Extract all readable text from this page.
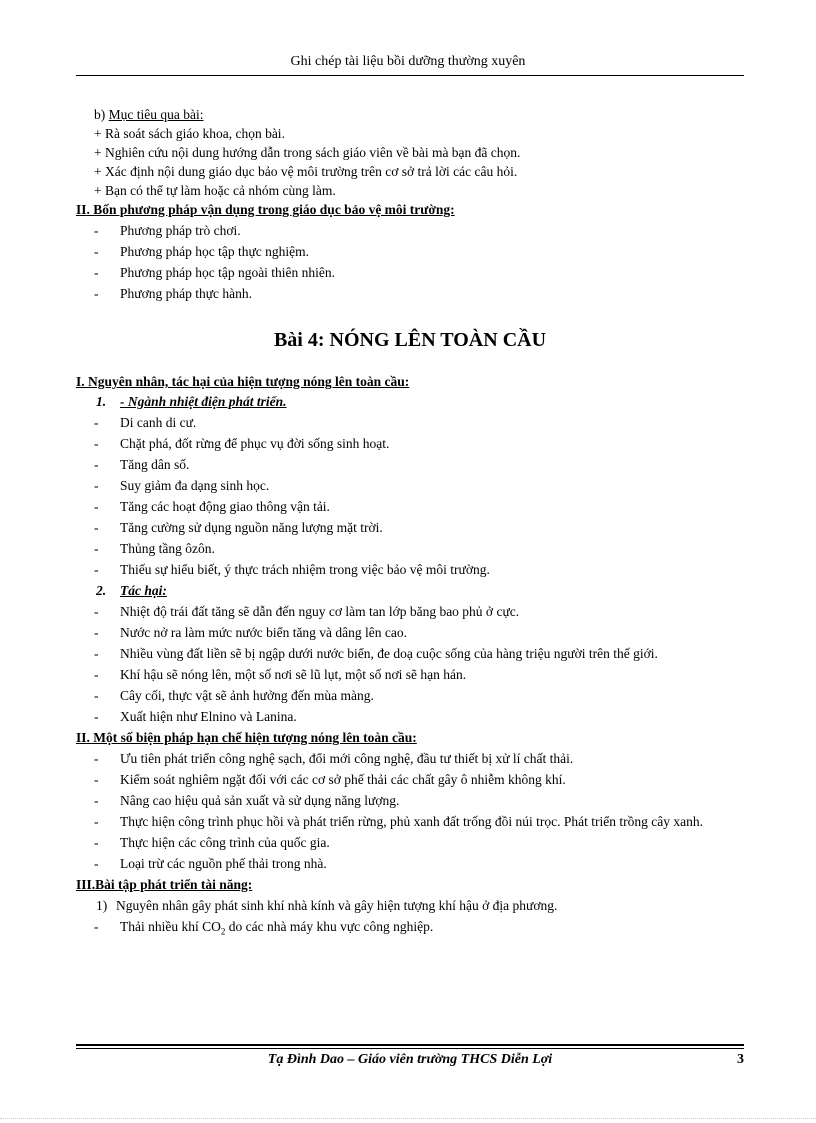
Ghi chép tài liệu bồi dưỡng thường xuyên
b) Mục tiêu qua bài:
+ Rà soát sách giáo khoa, chọn bài.
+ Nghiên cứu nội dung hướng dẫn trong sách giáo viên về bài mà bạn đã chọn.
+ Xác định nội dung giáo dục bảo vệ môi trường trên cơ sở trả lời các câu hỏi.
+ Bạn có thể tự làm hoặc cả nhóm cùng làm.
II. Bốn phương pháp vận dụng trong giáo dục bảo vệ môi trường:
- Phương pháp trò chơi.
- Phương pháp học tập thực nghiệm.
- Phương pháp học tập ngoài thiên nhiên.
- Phương pháp thực hành.
Bài 4: NÓNG LÊN TOÀN CẦU
I. Nguyên nhân, tác hại của hiện tượng nóng lên toàn cầu:
1. - Ngành nhiệt điện phát triển.
- Di canh di cư.
- Chặt phá, đốt rừng để phục vụ đời sống sinh hoạt.
- Tăng dân số.
- Suy giảm đa dạng sinh học.
- Tăng các hoạt động giao thông vận tải.
- Tăng cường sử dụng nguồn năng lượng mặt trời.
- Thủng tầng ôzôn.
- Thiếu sự hiểu biết, ý thực trách nhiệm trong việc bảo vệ môi trường.
2. Tác hại:
- Nhiệt độ trái đất tăng sẽ dẫn đến nguy cơ làm tan lớp băng bao phủ ở cực.
- Nước nở ra làm mức nước biển tăng và dâng lên cao.
- Nhiều vùng đất liền sẽ bị ngập dưới nước biển, đe doạ cuộc sống của hàng triệu người trên thế giới.
- Khí hậu sẽ nóng lên, một số nơi sẽ lũ lụt, một số nơi sẽ hạn hán.
- Cây cối, thực vật sẽ ảnh hưởng đến mùa màng.
- Xuất hiện như Elnino và Lanina.
II. Một số biện pháp hạn chế hiện tượng nóng lên toàn cầu:
- Ưu tiên phát triển công nghệ sạch, đổi mới công nghệ, đầu tư thiết bị xử lí chất thải.
- Kiểm soát nghiêm ngặt đối với các cơ sở phế thải các chất gây ô nhiễm không khí.
- Nâng cao hiệu quả sản xuất và sử dụng năng lượng.
- Thực hiện công trình phục hồi và phát triển rừng, phủ xanh đất trống đồi núi trọc. Phát triển trồng cây xanh.
- Thực hiện các công trình của quốc gia.
- Loại trừ các nguồn phế thải trong nhà.
III.Bài tập phát triển tài năng:
1) Nguyên nhân gây phát sinh khí nhà kính và gây hiện tượng khí hậu ở địa phương.
- Thải nhiều khí $CO_2$ do các nhà máy khu vực công nghiệp.
Tạ Đình Dao – Giáo viên trường THCS Diễn Lợi	3
